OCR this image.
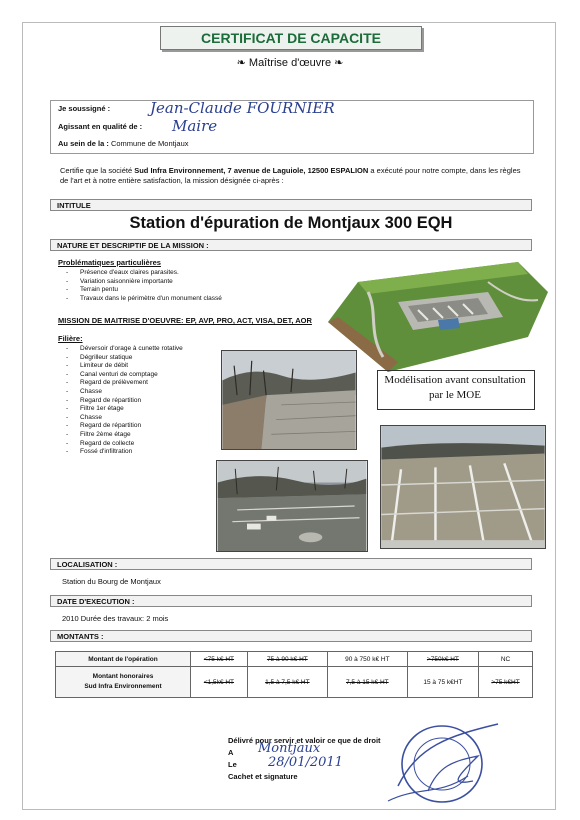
CERTIFICAT DE CAPACITE
❧ Maîtrise d'œuvre ❧
Je soussigné :	Jean-Claude FOURNIER
Agissant en qualité de : Maire
Au sein de la : Commune de Montjaux
Certifie que la société Sud Infra Environnement, 7 avenue de Laguiole, 12500 ESPALION a exécuté pour notre compte, dans les règles de l'art et à notre entière satisfaction, la mission désignée ci-après :
INTITULE
Station d'épuration de Montjaux 300 EQH
NATURE ET DESCRIPTIF DE LA MISSION :
Problématiques particulières
- Présence d'eaux claires parasites.
- Variation saisonnière importante
- Terrain pentu
- Travaux dans le périmètre d'un monument classé
MISSION DE MAITRISE D'OEUVRE: EP, AVP, PRO, ACT, VISA, DET, AOR
Filière:
- Déversoir d'orage à cunette rotative
- Dégrilleur statique
- Limiteur de débit
- Canal venturi de comptage
- Regard de prélèvement
- Chasse
- Regard de répartition
- Filtre 1er étage
- Chasse
- Regard de répartition
- Filtre 2ème étage
- Regard de collecte
- Fossé d'infiltration
Modélisation avant consultation par le MOE
LOCALISATION :
Station du Bourg de Montjaux
DATE D'EXECUTION :
2010 Durée des travaux: 2 mois
MONTANTS :
Montant de l'opération	<75 k€ HT	75 à 90 k€ HT	90 à 750 k€ HT	>750k€ HT	NC
Montant honoraires
Sud Infra Environnement	<1,5k€ HT	1,5 à 7,5 k€ HT	7,5 à 15 k€ HT	15 à 75 k€HT	>75 k€HT
Délivré pour servir et valoir ce que de droit
A Montjaux
Le 28/01/2011
Cachet et signature
